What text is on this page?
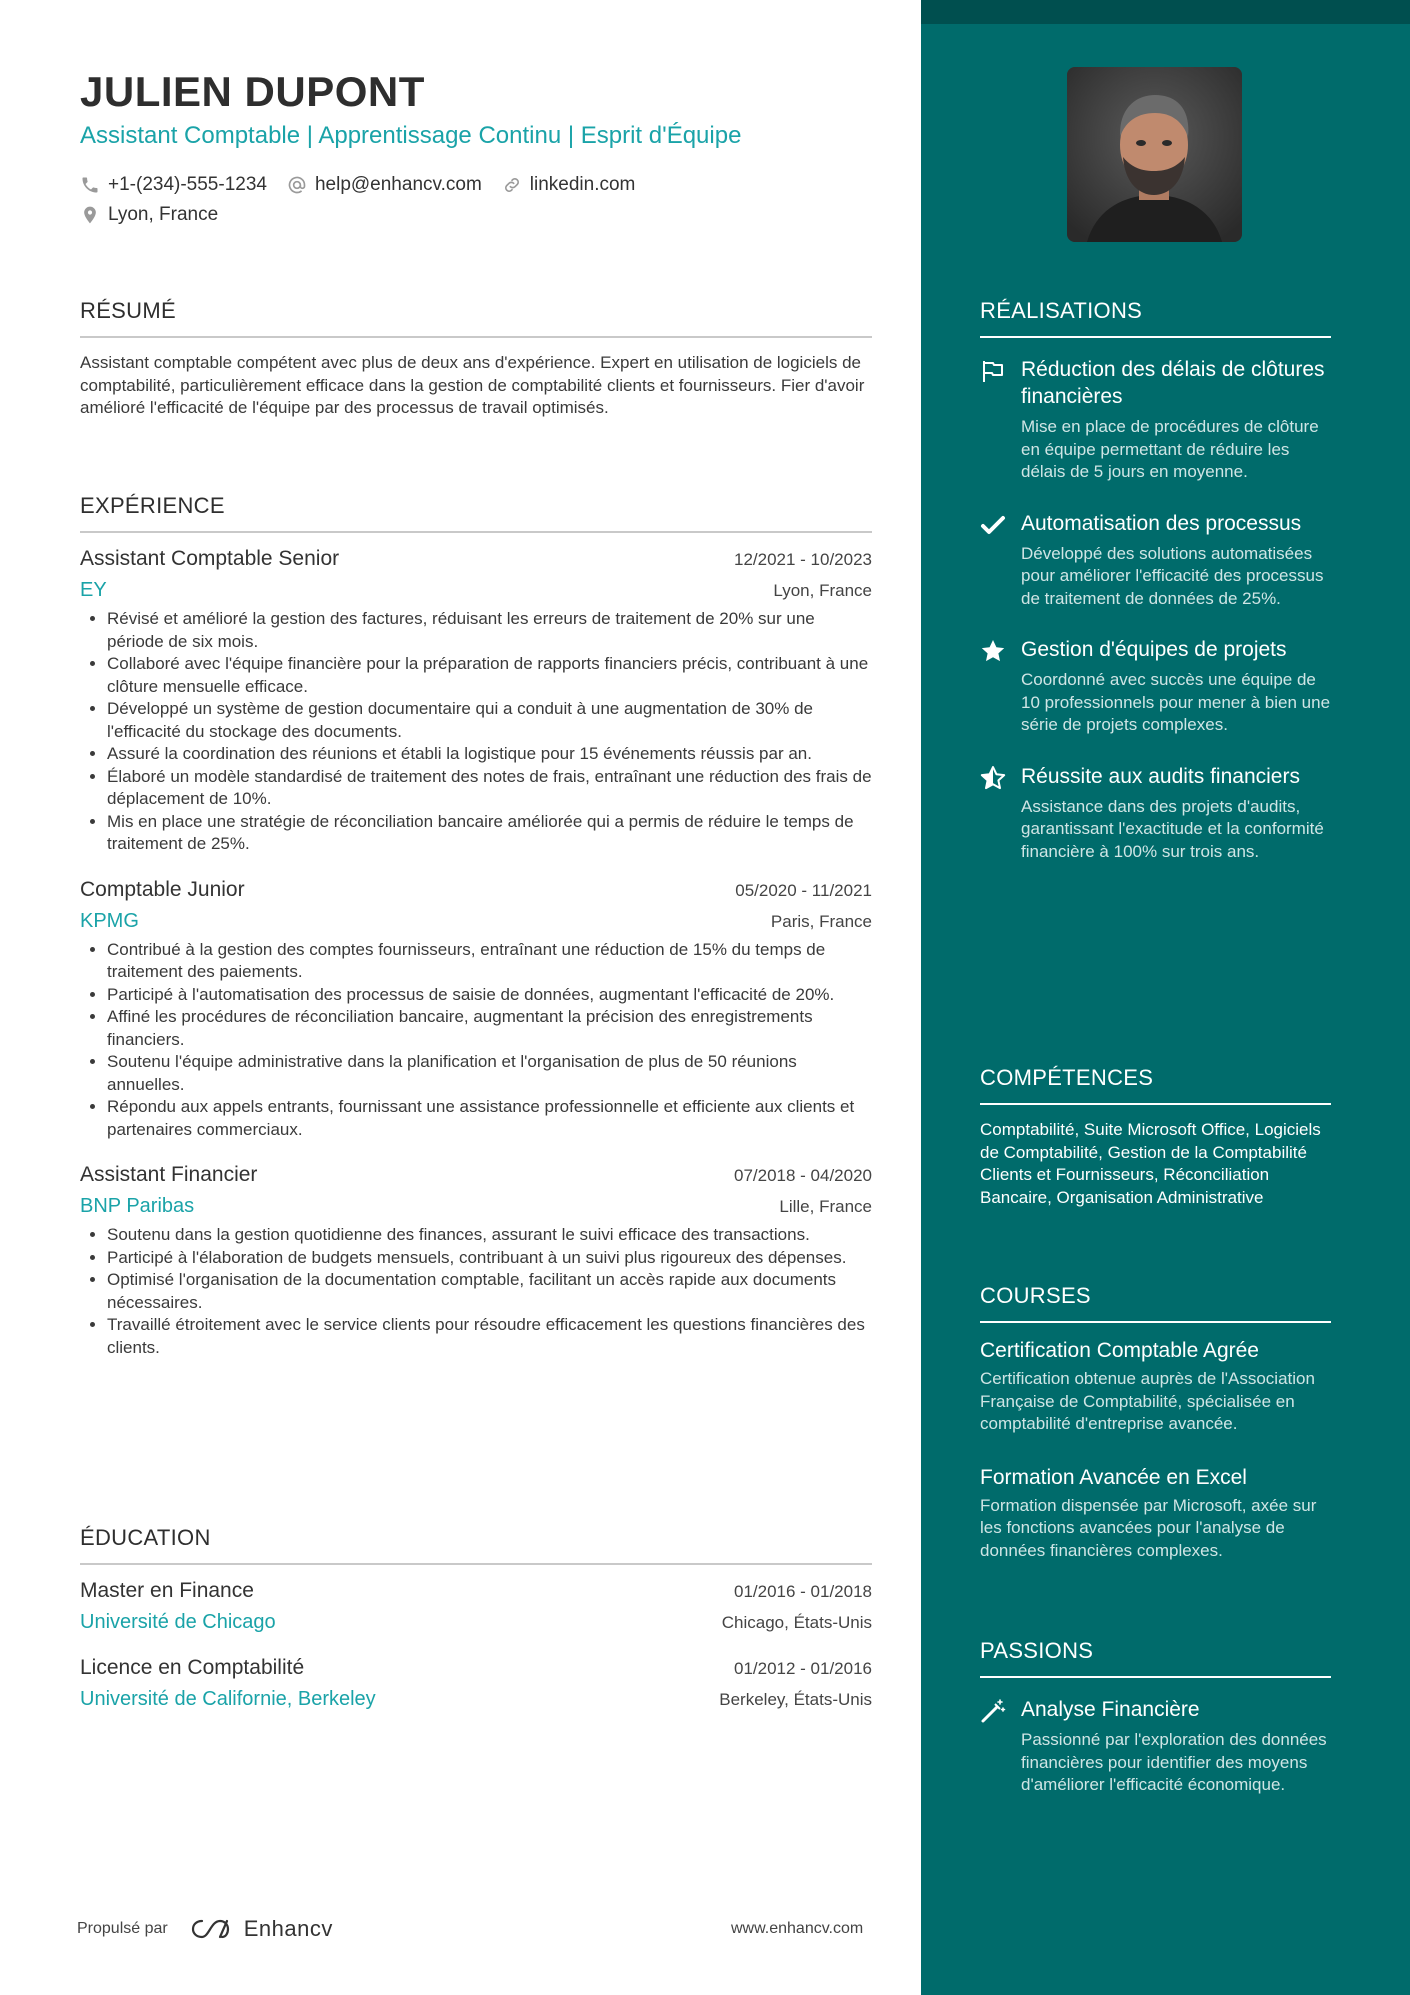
JULIEN DUPONT
Assistant Comptable | Apprentissage Continu | Esprit d'Équipe
+1-(234)-555-1234	help@enhancv.com	linkedin.com
Lyon, France
RÉSUMÉ
Assistant comptable compétent avec plus de deux ans d'expérience. Expert en utilisation de logiciels de comptabilité, particulièrement efficace dans la gestion de comptabilité clients et fournisseurs. Fier d'avoir amélioré l'efficacité de l'équipe par des processus de travail optimisés.
EXPÉRIENCE
Assistant Comptable Senior	12/2021 - 10/2023
EY	Lyon, France
• Révisé et amélioré la gestion des factures, réduisant les erreurs de traitement de 20% sur une période de six mois.
• Collaboré avec l'équipe financière pour la préparation de rapports financiers précis, contribuant à une clôture mensuelle efficace.
• Développé un système de gestion documentaire qui a conduit à une augmentation de 30% de l'efficacité du stockage des documents.
• Assuré la coordination des réunions et établi la logistique pour 15 événements réussis par an.
• Élaboré un modèle standardisé de traitement des notes de frais, entraînant une réduction des frais de déplacement de 10%.
• Mis en place une stratégie de réconciliation bancaire améliorée qui a permis de réduire le temps de traitement de 25%.
Comptable Junior	05/2020 - 11/2021
KPMG	Paris, France
• Contribué à la gestion des comptes fournisseurs, entraînant une réduction de 15% du temps de traitement des paiements.
• Participé à l'automatisation des processus de saisie de données, augmentant l'efficacité de 20%.
• Affiné les procédures de réconciliation bancaire, augmentant la précision des enregistrements financiers.
• Soutenu l'équipe administrative dans la planification et l'organisation de plus de 50 réunions annuelles.
• Répondu aux appels entrants, fournissant une assistance professionnelle et efficiente aux clients et partenaires commerciaux.
Assistant Financier	07/2018 - 04/2020
BNP Paribas	Lille, France
• Soutenu dans la gestion quotidienne des finances, assurant le suivi efficace des transactions.
• Participé à l'élaboration de budgets mensuels, contribuant à un suivi plus rigoureux des dépenses.
• Optimisé l'organisation de la documentation comptable, facilitant un accès rapide aux documents nécessaires.
• Travaillé étroitement avec le service clients pour résoudre efficacement les questions financières des clients.
ÉDUCATION
Master en Finance	01/2016 - 01/2018
Université de Chicago	Chicago, États-Unis
Licence en Comptabilité	01/2012 - 01/2016
Université de Californie, Berkeley	Berkeley, États-Unis
RÉALISATIONS
Réduction des délais de clôtures financières
Mise en place de procédures de clôture en équipe permettant de réduire les délais de 5 jours en moyenne.
Automatisation des processus
Développé des solutions automatisées pour améliorer l'efficacité des processus de traitement de données de 25%.
Gestion d'équipes de projets
Coordonné avec succès une équipe de 10 professionnels pour mener à bien une série de projets complexes.
Réussite aux audits financiers
Assistance dans des projets d'audits, garantissant l'exactitude et la conformité financière à 100% sur trois ans.
COMPÉTENCES
Comptabilité, Suite Microsoft Office, Logiciels de Comptabilité, Gestion de la Comptabilité Clients et Fournisseurs, Réconciliation Bancaire, Organisation Administrative
COURSES
Certification Comptable Agrée
Certification obtenue auprès de l'Association Française de Comptabilité, spécialisée en comptabilité d'entreprise avancée.
Formation Avancée en Excel
Formation dispensée par Microsoft, axée sur les fonctions avancées pour l'analyse de données financières complexes.
PASSIONS
Analyse Financière
Passionné par l'exploration des données financières pour identifier des moyens d'améliorer l'efficacité économique.
Propulsé par	Enhancv	www.enhancv.com
